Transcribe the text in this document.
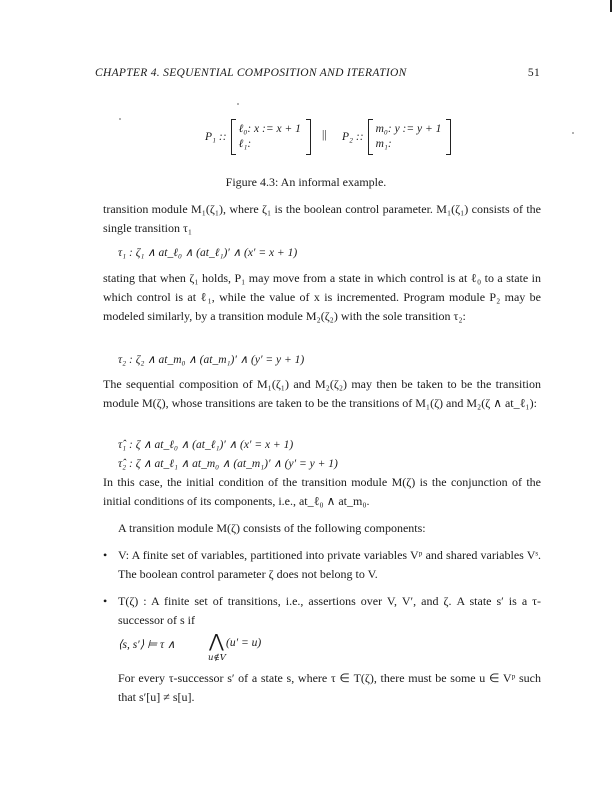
CHAPTER 4. SEQUENTIAL COMPOSITION AND ITERATION	51
P₁ ::
ℓ₀: x := x + 1
ℓ₁:
|| P₂ ::
m₀: y := y + 1
m₁:
Figure 4.3: An informal example.

transition module M₁(ζ₁), where ζ₁ is the boolean control parameter. M₁(ζ₁) consists of the single transition τ₁

τ₁ : ζ₁ ∧ at_ℓ₀ ∧ (at_ℓ₁)′ ∧ (x′ = x + 1)

stating that when ζ₁ holds, P₁ may move from a state in which control is at ℓ₀ to a state in which control is at ℓ₁, while the value of x is incremented. Program module P₂ may be modeled similarly, by a transition module M₂(ζ₂) with the sole transition τ₂:

τ₂ : ζ₂ ∧ at_m₀ ∧ (at_m₁)′ ∧ (y′ = y + 1)

The sequential composition of M₁(ζ₁) and M₂(ζ₂) may then be taken to be the transition module M(ζ), whose transitions are taken to be the transitions of M₁(ζ) and M₂(ζ ∧ at_ℓ₁):

τ̂₁ : ζ ∧ at_ℓ₀ ∧ (at_ℓ₁)′ ∧ (x′ = x + 1)
τ̂₂ : ζ ∧ at_ℓ₁ ∧ at_m₀ ∧ (at_m₁)′ ∧ (y′ = y + 1)

In this case, the initial condition of the transition module M(ζ) is the conjunction of the initial conditions of its components, i.e., at_ℓ₀ ∧ at_m₀.

A transition module M(ζ) consists of the following components:

• V: A finite set of variables, partitioned into private variables Vᵖ and shared variables Vˢ. The boolean control parameter ζ does not belong to V.
• T(ζ) : A finite set of transitions, i.e., assertions over V, V′, and ζ. A state s′ is a τ-successor of s if
⟨s, s′⟩ ⊨ τ ∧ ⋀ (u′ = u)
u∉V
For every τ-successor s′ of a state s, where τ ∈ T(ζ), there must be some u ∈ Vᵖ such that s′[u] ≠ s[u].
